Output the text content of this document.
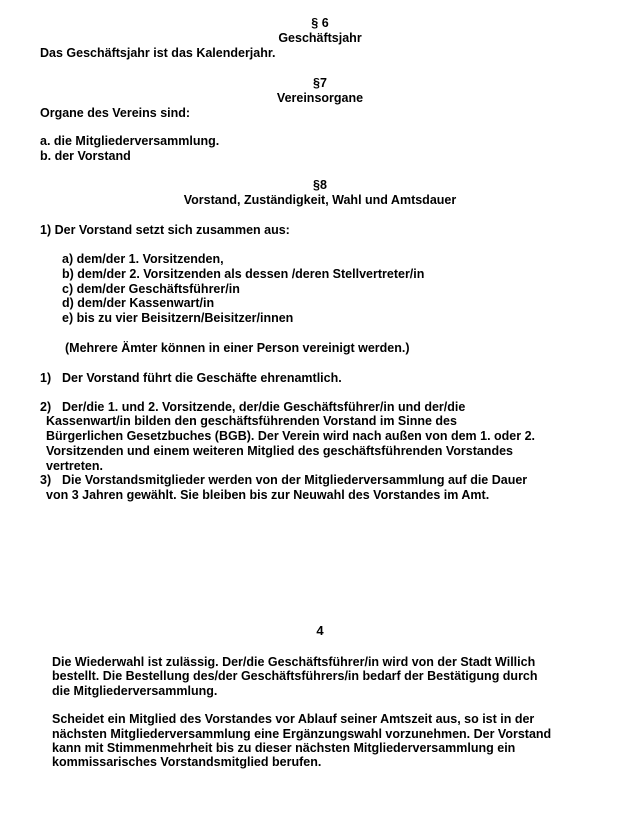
§ 6
Geschäftsjahr
Das Geschäftsjahr ist das Kalenderjahr.
§7
Vereinsorgane
Organe des Vereins sind:
a. die Mitgliederversammlung.
b. der Vorstand
§8
Vorstand, Zuständigkeit, Wahl und Amtsdauer
1) Der Vorstand setzt sich zusammen aus:
a) dem/der 1. Vorsitzenden,
b) dem/der 2. Vorsitzenden als dessen /deren Stellvertreter/in
c) dem/der Geschäftsführer/in
d) dem/der Kassenwart/in
e) bis zu vier Beisitzern/Beisitzer/innen
(Mehrere Ämter können in einer Person vereinigt werden.)
1) Der Vorstand führt die Geschäfte ehrenamtlich.
2) Der/die 1. und 2. Vorsitzende, der/die Geschäftsführer/in und der/die
Kassenwart/in bilden den geschäftsführenden Vorstand im Sinne des
Bürgerlichen Gesetzbuches (BGB). Der Verein wird nach außen von dem 1. oder 2.
Vorsitzenden und einem weiteren Mitglied des geschäftsführenden Vorstandes
vertreten.
3) Die Vorstandsmitglieder werden von der Mitgliederversammlung auf die Dauer
von 3 Jahren gewählt. Sie bleiben bis zur Neuwahl des Vorstandes im Amt.
4
Die Wiederwahl ist zulässig. Der/die Geschäftsführer/in wird von der Stadt Willich
bestellt. Die Bestellung des/der Geschäftsführers/in bedarf der Bestätigung durch
die Mitgliederversammlung.
Scheidet ein Mitglied des Vorstandes vor Ablauf seiner Amtszeit aus, so ist in der
nächsten Mitgliederversammlung eine Ergänzungswahl vorzunehmen. Der Vorstand
kann mit Stimmenmehrheit bis zu dieser nächsten Mitgliederversammlung ein
kommissarisches Vorstandsmitglied berufen.
